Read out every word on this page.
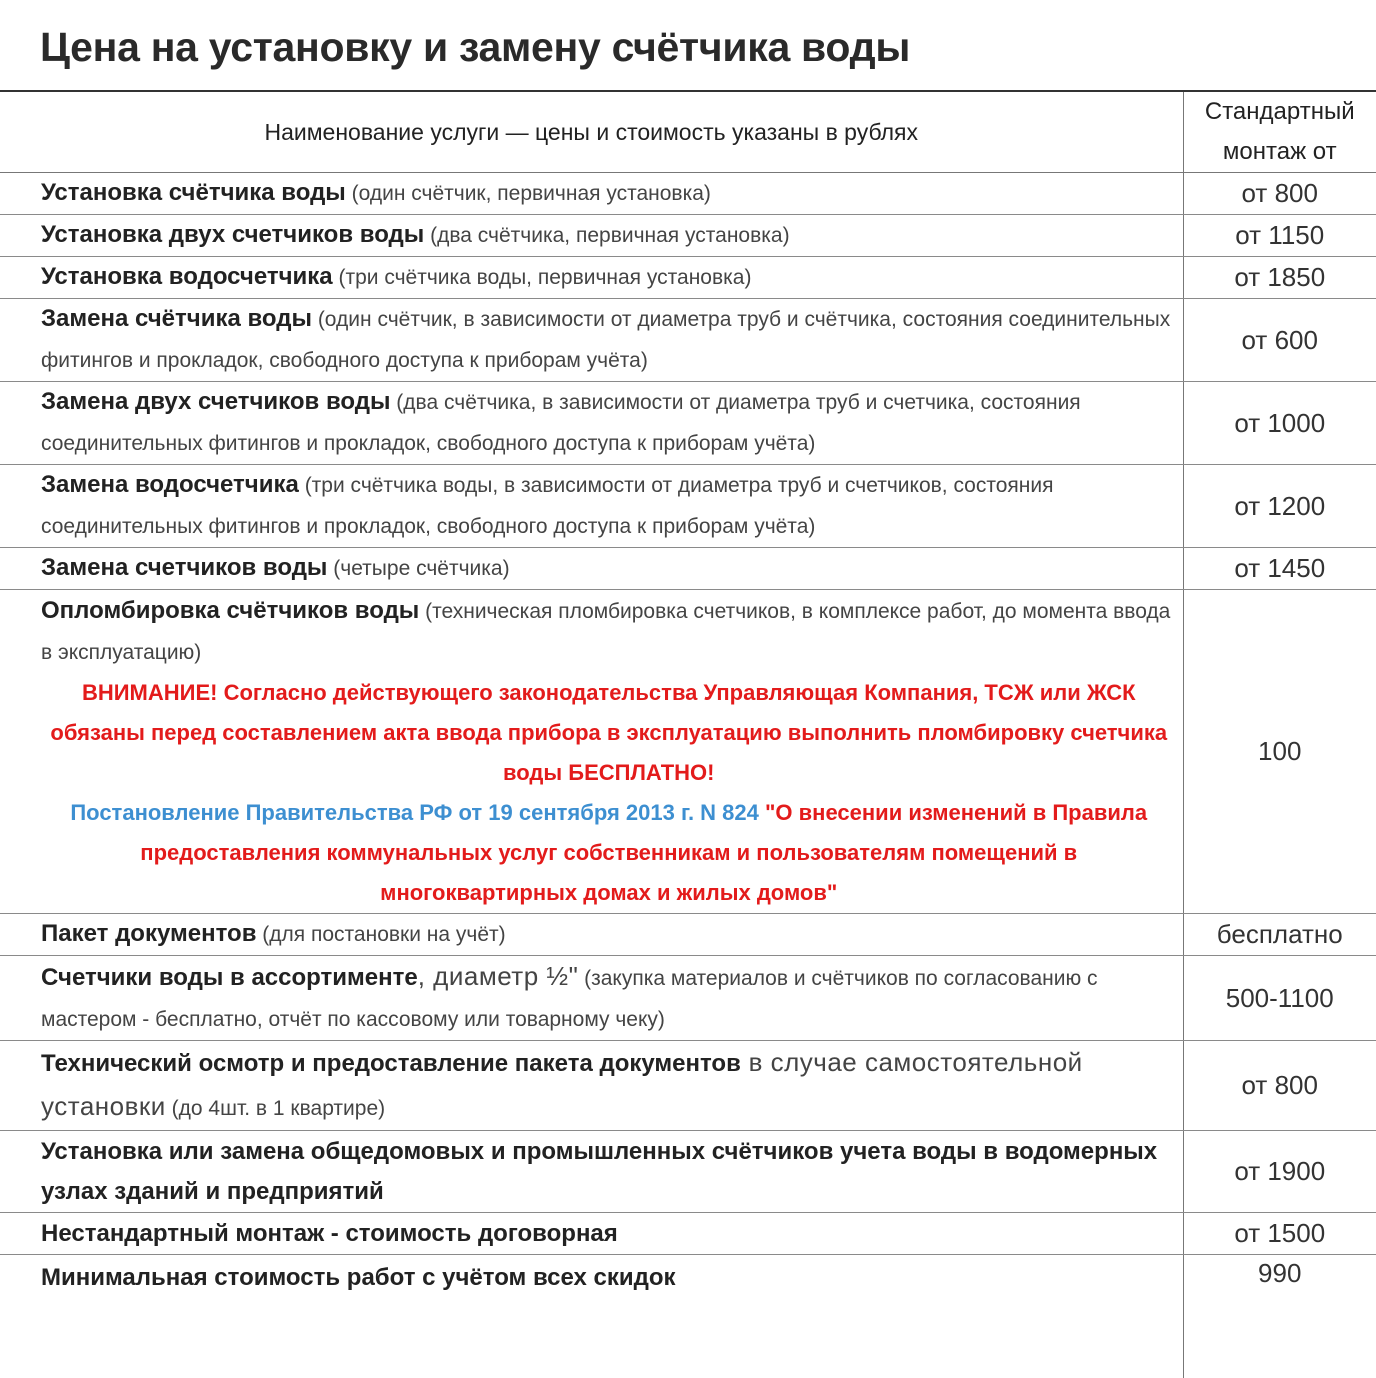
Цена на установку и замену счётчика воды
Наименование услуги — цены и стоимость указаны в рублях	Стандартный
монтаж от
Установка счётчика воды (один счётчик, первичная установка)	от 800
Установка двух счетчиков воды (два счётчика, первичная установка)	от 1150
Установка водосчетчика (три счётчика воды, первичная установка)	от 1850
Замена счётчика воды (один счётчик, в зависимости от диаметра труб и счётчика, состояния соединительных фитингов и прокладок, свободного доступа к приборам учёта)	от 600
Замена двух счетчиков воды (два счётчика, в зависимости от диаметра труб и счетчика, состояния соединительных фитингов и прокладок, свободного доступа к приборам учёта)	от 1000
Замена водосчетчика (три счётчика воды, в зависимости от диаметра труб и счетчиков, состояния соединительных фитингов и прокладок, свободного доступа к приборам учёта)	от 1200
Замена счетчиков воды (четыре счётчика)	от 1450
Опломбировка счётчиков воды (техническая пломбировка счетчиков, в комплексе работ, до момента ввода в эксплуатацию)
ВНИМАНИЕ! Согласно действующего законодательства Управляющая Компания, ТСЖ или ЖСК обязаны перед составлением акта ввода прибора в эксплуатацию выполнить пломбировку счетчика воды БЕСПЛАТНО!
Постановление Правительства РФ от 19 сентября 2013 г. N 824 "О внесении изменений в Правила предоставления коммунальных услуг собственникам и пользователям помещений в многоквартирных домах и жилых домов"	100
Пакет документов (для постановки на учёт)	бесплатно
Счетчики воды в ассортименте, диаметр ½" (закупка материалов и счётчиков по согласованию с мастером - бесплатно, отчёт по кассовому или товарному чеку)	500-1100
Технический осмотр и предоставление пакета документов в случае самостоятельной установки (до 4шт. в 1 квартире)	от 800
Установка или замена общедомовых и промышленных счётчиков учета воды в водомерных узлах зданий и предприятий	от 1900
Нестандартный монтаж - стоимость договорная	от 1500
Минимальная стоимость работ с учётом всех скидок	990
